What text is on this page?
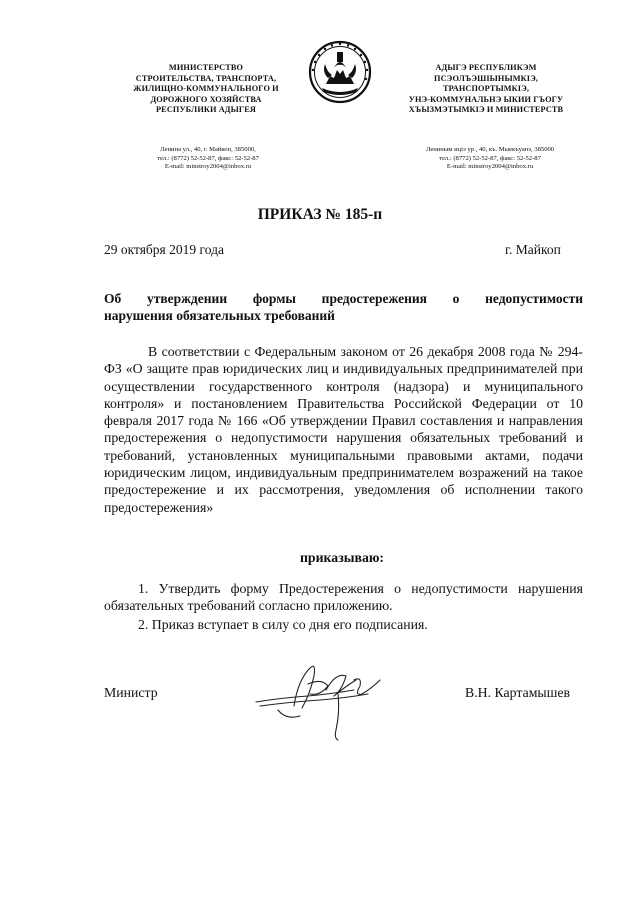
МИНИСТЕРСТВО
СТРОИТЕЛЬСТВА, ТРАНСПОРТА,
ЖИЛИЩНО-КОММУНАЛЬНОГО И
ДОРОЖНОГО ХОЗЯЙСТВА
РЕСПУБЛИКИ АДЫГЕЯ
АДЫГЭ РЕСПУБЛИКЭМ
ПСЭОЛЪЭШІЫНЫМКІЭ,
ТРАНСПОРТЫМКІЭ,
УНЭ-КОММУНАЛЬНЭ ЫКИИ ГЪОГУ
ХЪЫЗМЭТЫМКІЭ И МИНИСТЕРСТВ
Ленина ул., 40, г. Майкоп, 385000,
тел.: (8772) 52-52-87, факс: 52-52-87
E-mail: minstroy2004@inbox.ru
Лениным иціэ ур., 40, къ. Мыекъуапэ, 385000
тел.: (8772) 52-52-87, факс: 52-52-87
E-mail: minstroy2004@inbox.ru
ПРИКАЗ № 185-п
29 октября 2019 года	г. Майкоп
Об утверждении формы предостережения о недопустимости
нарушения обязательных требований
В соответствии с Федеральным законом от 26 декабря 2008 года № 294-ФЗ «О защите прав юридических лиц и индивидуальных предпринимателей при осуществлении государственного контроля (надзора) и муниципального контроля» и постановлением Правительства Российской Федерации от 10 февраля 2017 года № 166 «Об утверждении Правил составления и направления предостережения о недопустимости нарушения обязательных требований и требований, установленных муниципальными правовыми актами, подачи юридическим лицом, индивидуальным предпринимателем возражений на такое предостережение и их рассмотрения, уведомления об исполнении такого предостережения»
приказываю:
1. Утвердить форму Предостережения о недопустимости нарушения обязательных требований согласно приложению.
2. Приказ вступает в силу со дня его подписания.
Министр	В.Н. Картамышев
